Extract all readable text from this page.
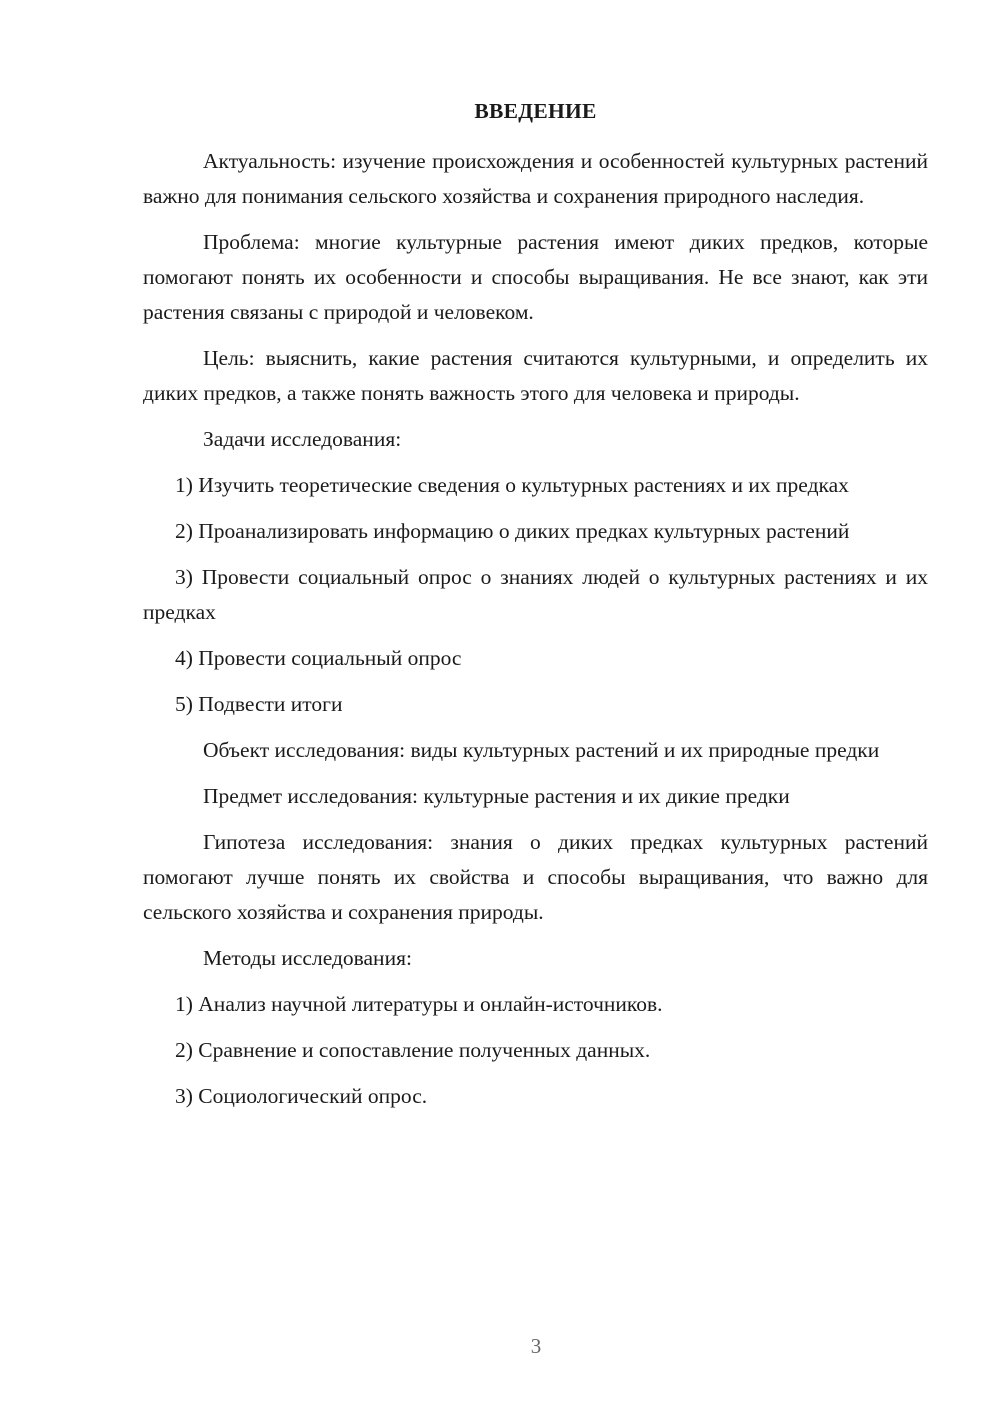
ВВЕДЕНИЕ
Актуальность: изучение происхождения и особенностей культурных растений важно для понимания сельского хозяйства и сохранения природного наследия.
Проблема: многие культурные растения имеют диких предков, которые помогают понять их особенности и способы выращивания. Не все знают, как эти растения связаны с природой и человеком.
Цель: выяснить, какие растения считаются культурными, и определить их диких предков, а также понять важность этого для человека и природы.
Задачи исследования:
1) Изучить теоретические сведения о культурных растениях и их предках
2) Проанализировать информацию о диких предках культурных растений
3) Провести социальный опрос о знаниях людей о культурных растениях и их предках
4) Провести социальный опрос
5) Подвести итоги
Объект исследования: виды культурных растений и их природные предки
Предмет исследования: культурные растения и их дикие предки
Гипотеза исследования: знания о диких предках культурных растений помогают лучше понять их свойства и способы выращивания, что важно для сельского хозяйства и сохранения природы.
Методы исследования:
1) Анализ научной литературы и онлайн-источников.
2) Сравнение и сопоставление полученных данных.
3) Социологический опрос.
3
